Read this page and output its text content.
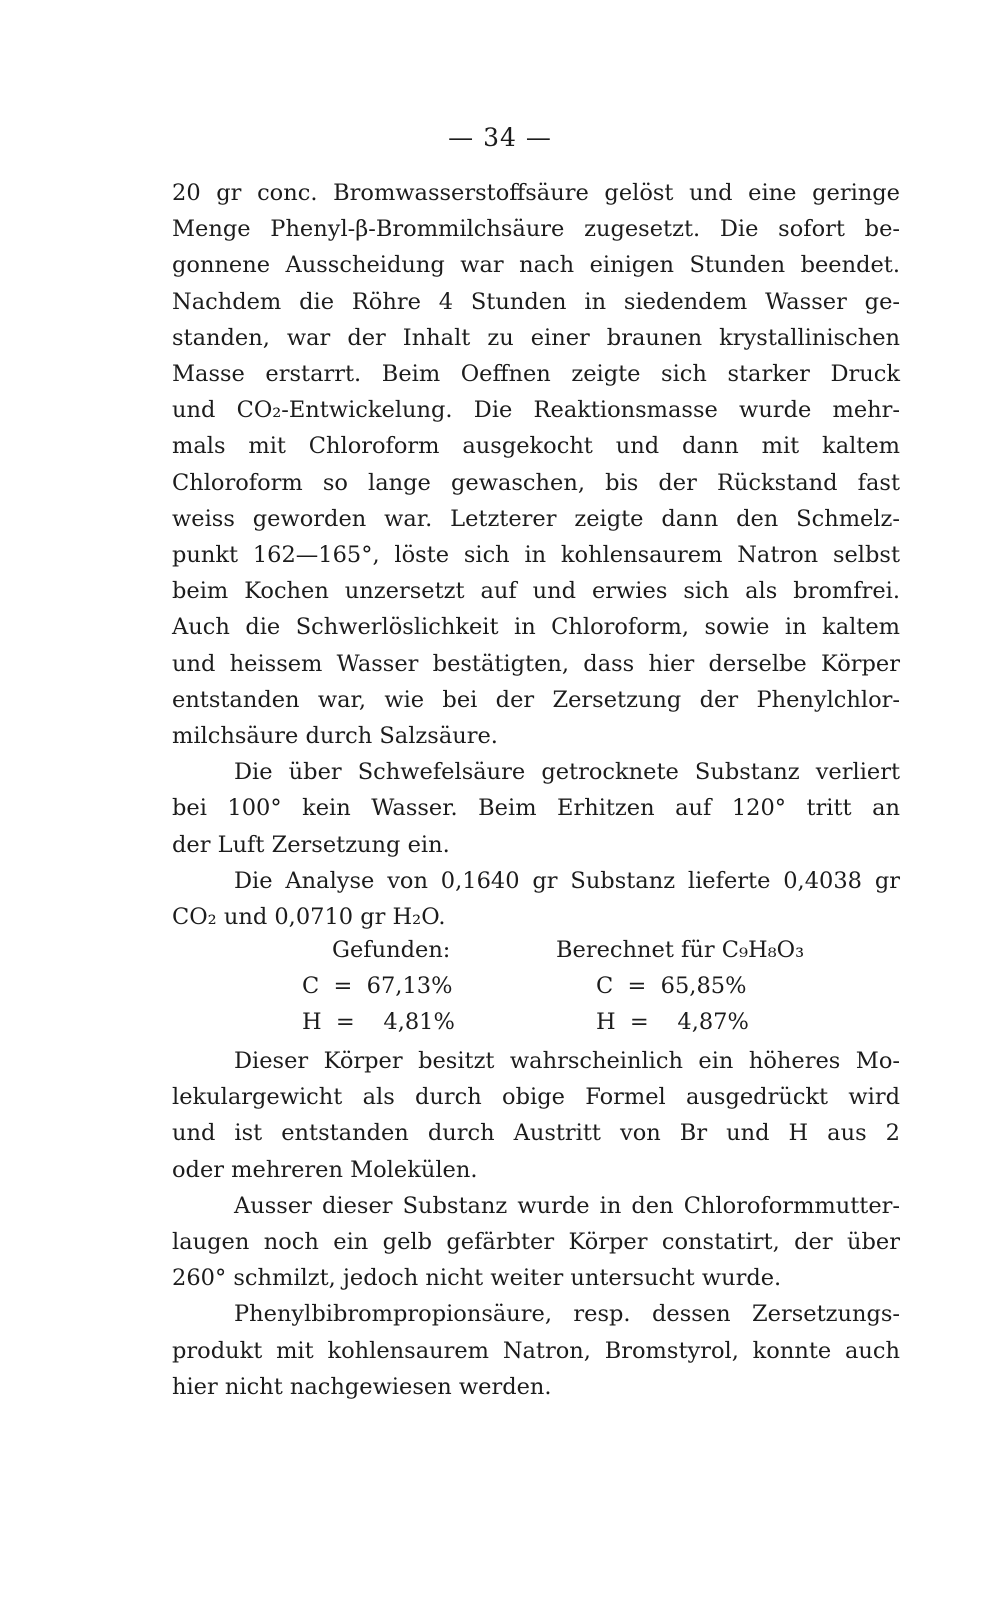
— 34 —
20 gr conc. Bromwasserstoffsäure gelöst und eine geringe
Menge Phenyl-β-Brommilchsäure zugesetzt. Die sofort be-
gonnene Ausscheidung war nach einigen Stunden beendet.
Nachdem die Röhre 4 Stunden in siedendem Wasser ge-
standen, war der Inhalt zu einer braunen krystallinischen
Masse erstarrt. Beim Oeffnen zeigte sich starker Druck
und CO₂-Entwickelung. Die Reaktionsmasse wurde mehr-
mals mit Chloroform ausgekocht und dann mit kaltem
Chloroform so lange gewaschen, bis der Rückstand fast
weiss geworden war. Letzterer zeigte dann den Schmelz-
punkt 162—165°, löste sich in kohlensaurem Natron selbst
beim Kochen unzersetzt auf und erwies sich als bromfrei.
Auch die Schwerlöslichkeit in Chloroform, sowie in kaltem
und heissem Wasser bestätigten, dass hier derselbe Körper
entstanden war, wie bei der Zersetzung der Phenylchlor-
milchsäure durch Salzsäure.
Die über Schwefelsäure getrocknete Substanz verliert
bei 100° kein Wasser. Beim Erhitzen auf 120° tritt an
der Luft Zersetzung ein.
Die Analyse von 0,1640 gr Substanz lieferte 0,4038 gr
CO₂ und 0,0710 gr H₂O.
Gefunden:	Berechnet für C₉H₈O₃
C  =  67,13%	C  =  65,85%
H  =    4,81%	H  =    4,87%
Dieser Körper besitzt wahrscheinlich ein höheres Mo-
lekulargewicht als durch obige Formel ausgedrückt wird
und ist entstanden durch Austritt von Br und H aus 2
oder mehreren Molekülen.
Ausser dieser Substanz wurde in den Chloroformmutter-
laugen noch ein gelb gefärbter Körper constatirt, der über
260° schmilzt, jedoch nicht weiter untersucht wurde.
Phenylbibrompropionsäure, resp. dessen Zersetzungs-
produkt mit kohlensaurem Natron, Bromstyrol, konnte auch
hier nicht nachgewiesen werden.
